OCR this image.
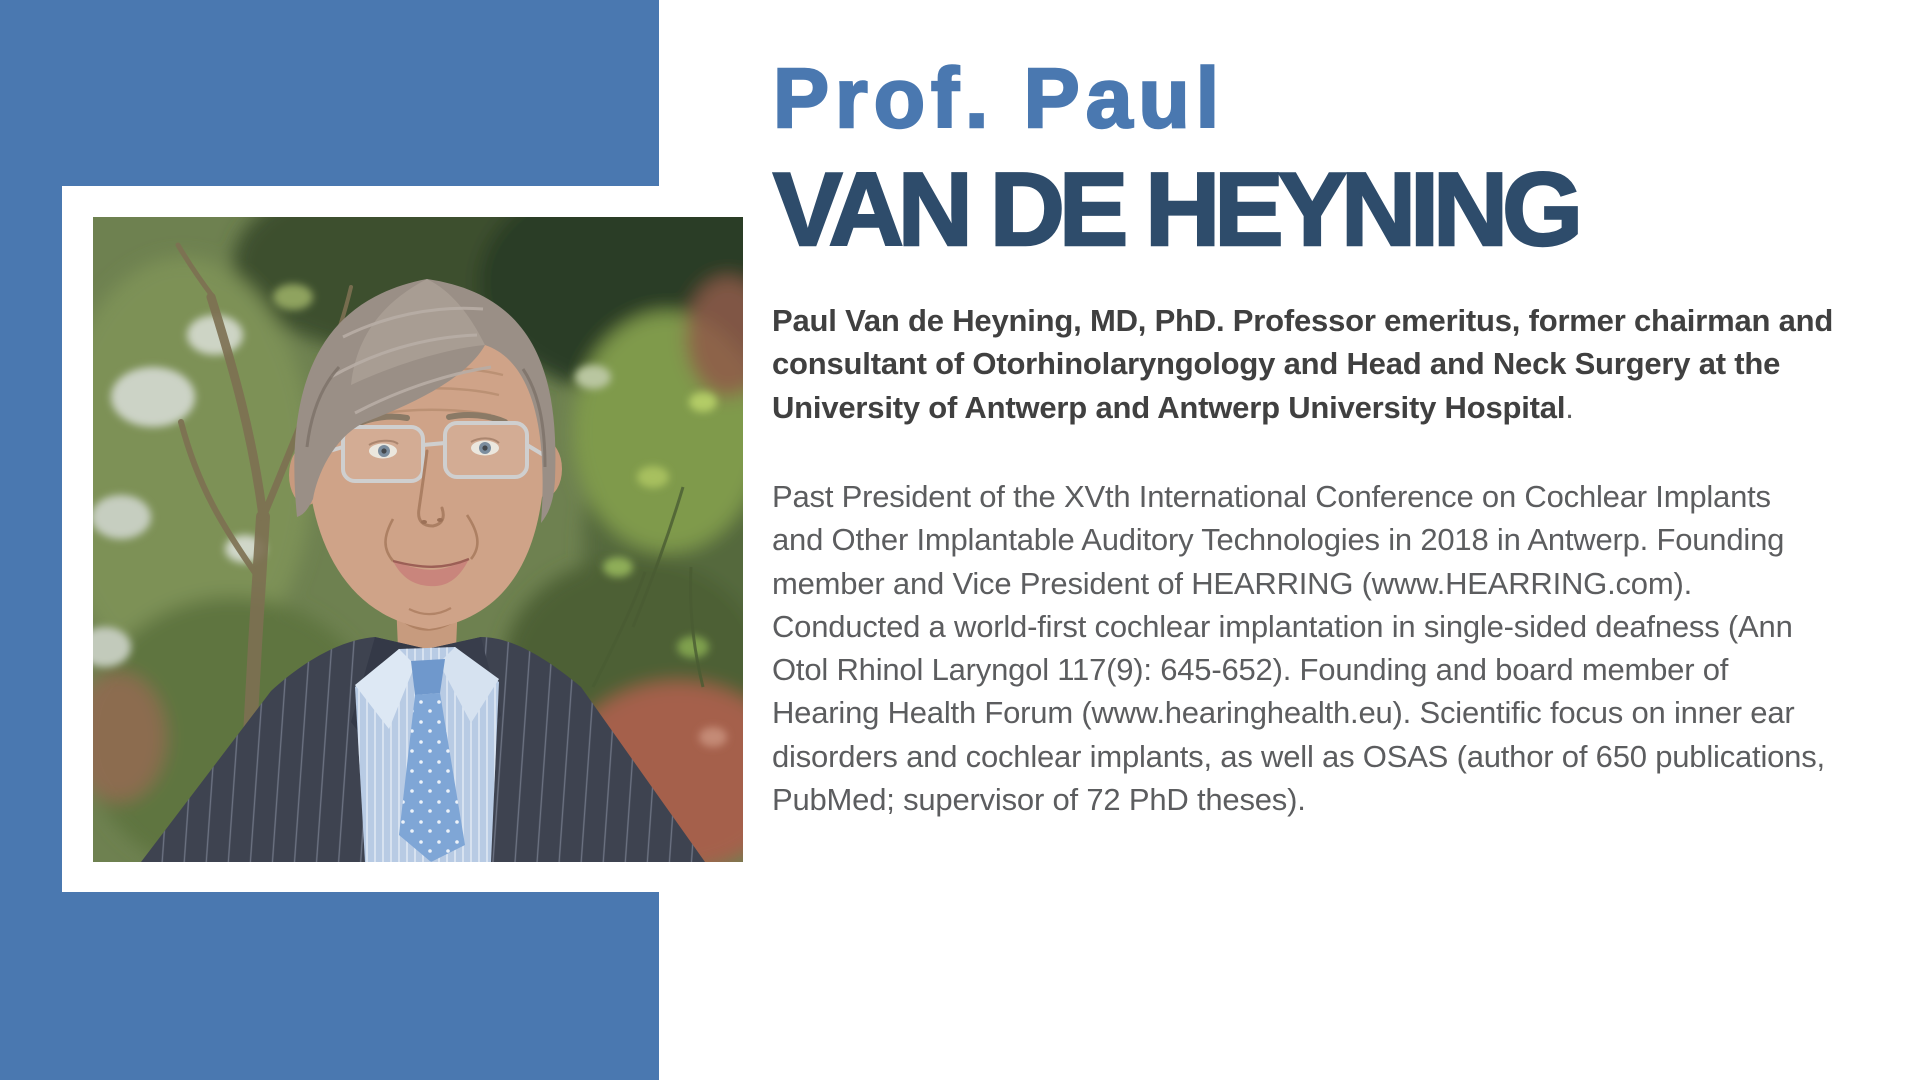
Prof. Paul
VAN DE HEYNING
Paul Van de Heyning, MD, PhD. Professor emeritus, former chairman and
consultant of Otorhinolaryngology and Head and Neck Surgery at the
University of Antwerp and Antwerp University Hospital.
Past President of the XVth International Conference on Cochlear Implants
and Other Implantable Auditory Technologies in 2018 in Antwerp. Founding
member and Vice President of HEARRING (www.HEARRING.com).
Conducted a world-first cochlear implantation in single-sided deafness (Ann
Otol Rhinol Laryngol 117(9): 645-652). Founding and board member of
Hearing Health Forum (www.hearinghealth.eu). Scientific focus on inner ear
disorders and cochlear implants, as well as OSAS (author of 650 publications,
PubMed; supervisor of 72 PhD theses).
